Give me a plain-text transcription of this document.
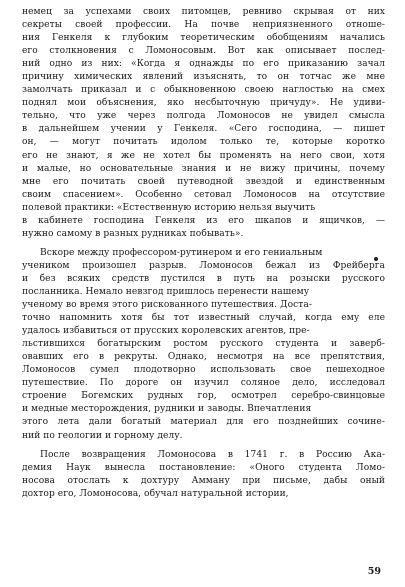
немец за успехами своих питомцев, ревниво скрывая от них
секреты своей профессии. На почве неприязненного отноше-
ния Генкеля к глубоким теоретическим обобщениям начались
его столкновения с Ломоносовым. Вот как описывает послед-
ний одно из них: «Когда я однажды по его приказанию зачал
причину химических явлений изъяснять, то он тотчас же мне
замолчать приказал и с обыкновенною своею наглостью на смех
поднял мои объяснения, яко несбыточную причуду». Не удиви-
тельно, что уже через полгода Ломоносов не увидел смысла
в дальнейшем учении у Генкеля. «Сего господина, — пишет
он, — могут почитать идолом только те, которые коротко
его не знают, я же не хотел бы променять на него свои, хотя
и малые, но основательные знания и не вижу причины, почему
мне его почитать своей путеводной звездой и единственным
своим спасением». Особенно сетовал Ломоносов на отсутствие
полевой практики: «Естественную историю нельзя выучить
в кабинете господина Генкеля из его шкапов и ящичков, —
нужно самому в разных рудниках побывать».

Вскоре между профессором-рутинером и его гениальным
учеником произошел разрыв. Ломоносов бежал из Фрейберга
и без всяких средств пустился в путь на розыски русского
посланника. Немало невзгод пришлось перенести нашему
ученому во время этого рискованного путешествия. Доста-
точно напомнить хотя бы тот известный случай, когда ему еле
удалось избавиться от прусских королевских агентов, пре-
льстившихся богатырским ростом русского студента и заверб-
овавших его в рекруты. Однако, несмотря на все препятствия,
Ломоносов сумел плодотворно использовать свое пешеходное
путешествие. По дороге он изучил соляное дело, исследовал
строение Богемских рудных гор, осмотрел серебро-свинцовые
и медные месторождения, рудники и заводы. Впечатления
этого лета дали богатый материал для его позднейших сочине-
ний по геологии и горному делу.

После возвращения Ломоносова в 1741 г. в Россию Ака-
демия Наук вынесла постановление: «Оного студента Ломо-
носова отослать к дохтуру Амману при письме, дабы оный
дохтор его, Ломоносова, обучал натуральной истории,

59
